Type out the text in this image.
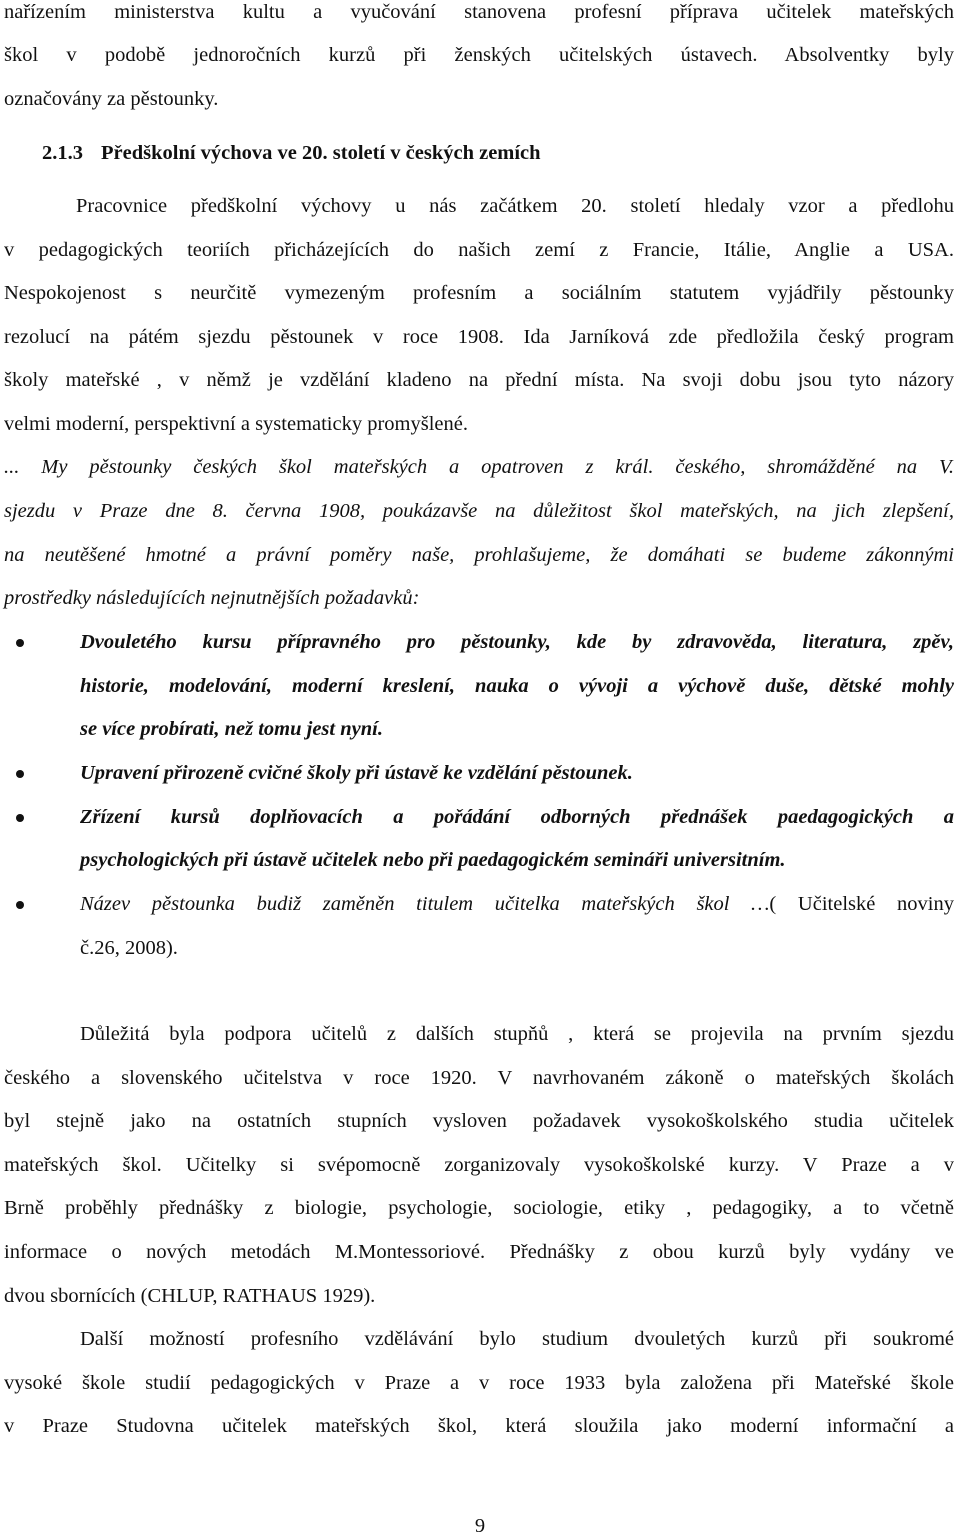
nařízením ministerstva kultu a vyučování stanovena profesní příprava učitelek mateřských
škol v podobě jednoročních kurzů při ženských učitelských ústavech. Absolventky byly
označovány za pěstounky.
2.1.3 Předškolní výchova ve 20. století v českých zemích
Pracovnice předškolní výchovy u nás začátkem 20. století hledaly vzor a předlohu
v pedagogických teoriích přicházejících do našich zemí z Francie, Itálie, Anglie a USA.
Nespokojenost s neurčitě vymezeným profesním a sociálním statutem vyjádřily pěstounky
rezolucí na pátém sjezdu pěstounek v roce 1908. Ida Jarníková zde předložila český program
školy mateřské , v němž je vzdělání kladeno na přední místa. Na svoji dobu jsou tyto názory
velmi moderní, perspektivní a systematicky promyšlené.
... My pěstounky českých škol mateřských a opatroven z král. českého, shromážděné na V.
sjezdu v Praze dne 8. června 1908, poukázavše na důležitost škol mateřských, na jich zlepšení,
na neutěšené hmotné a právní poměry naše, prohlašujeme, že domáhati se budeme zákonnými
prostředky následujících nejnutnějších požadavků:
Dvouletého kursu přípravného pro pěstounky, kde by zdravověda, literatura, zpěv,
historie, modelování, moderní kreslení, nauka o vývoji a výchově duše, dětské mohly
se více probírati, než tomu jest nyní.
Upravení přirozeně cvičné školy při ústavě ke vzdělání pěstounek.
Zřízení kursů doplňovacích a pořádání odborných přednášek paedagogických a
psychologických při ústavě učitelek nebo při paedagogickém semináři universitním.
Název pěstounka budiž zaměněn titulem učitelka mateřských škol …( Učitelské noviny
č.26, 2008).
Důležitá byla podpora učitelů z dalších stupňů , která se projevila na prvním sjezdu
českého a slovenského učitelstva v roce 1920. V navrhovaném zákoně o mateřských školách
byl stejně jako na ostatních stupních vysloven požadavek vysokoškolského studia učitelek
mateřských škol. Učitelky si svépomocně zorganizovaly vysokoškolské kurzy. V Praze a v
Brně proběhly přednášky z biologie, psychologie, sociologie, etiky , pedagogiky, a to včetně
informace o nových metodách M.Montessoriové. Přednášky z obou kurzů byly vydány ve
dvou sbornících (CHLUP, RATHAUS 1929).
Další možností profesního vzdělávání bylo studium dvouletých kurzů při soukromé
vysoké škole studií pedagogických v Praze a v roce 1933 byla založena při Mateřské škole
v Praze Studovna učitelek mateřských škol, která sloužila jako moderní informační a
9
